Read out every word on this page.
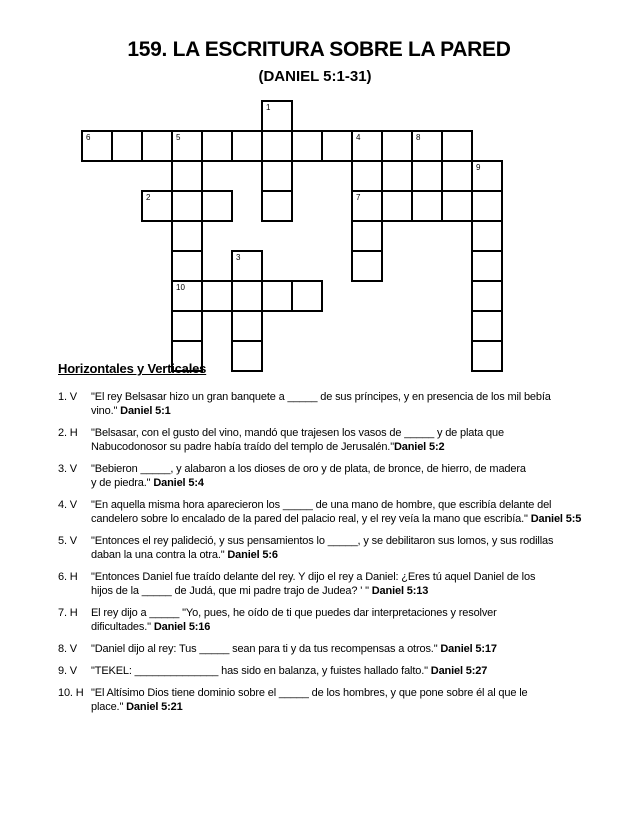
159. LA ESCRITURA SOBRE LA PARED
(DANIEL 5:1-31)
6	5	4	8
1
10
7
9
2
3
Horizontales y Verticales
1. V	"El rey Belsasar hizo un gran banquete a _____ de sus príncipes, y en presencia de los mil bebía
vino." Daniel 5:1
2. H	"Belsasar, con el gusto del vino, mandó que trajesen los vasos de _____ y de plata que
Nabucodonosor su padre había traído del templo de Jerusalén."Daniel 5:2
3. V	"Bebieron _____, y alabaron a los dioses de oro y de plata, de bronce, de hierro, de madera
y de piedra." Daniel 5:4
4. V	"En aquella misma hora aparecieron los _____ de una mano de hombre, que escribía delante del
candelero sobre lo encalado de la pared del palacio real, y el rey veía la mano que escribía." Daniel 5:5
5. V	"Entonces el rey palideció, y sus pensamientos lo _____, y se debilitaron sus lomos, y sus rodillas
daban la una contra la otra." Daniel 5:6
6. H	"Entonces Daniel fue traído delante del rey. Y dijo el rey a Daniel: ¿Eres tú aquel Daniel de los
hijos de la _____ de Judá, que mi padre trajo de Judea? ' " Daniel 5:13
7. H	El rey dijo a _____ "Yo, pues, he oído de ti que puedes dar interpretaciones y resolver
dificultades." Daniel 5:16
8. V	"Daniel dijo al rey: Tus _____ sean para ti y da tus recompensas a otros." Daniel 5:17
9. V	"TEKEL: ______________ has sido en balanza, y fuistes hallado falto." Daniel 5:27
10. H "El Altísimo Dios tiene dominio sobre el _____ de los hombres, y que pone sobre él al que le
place." Daniel 5:21
